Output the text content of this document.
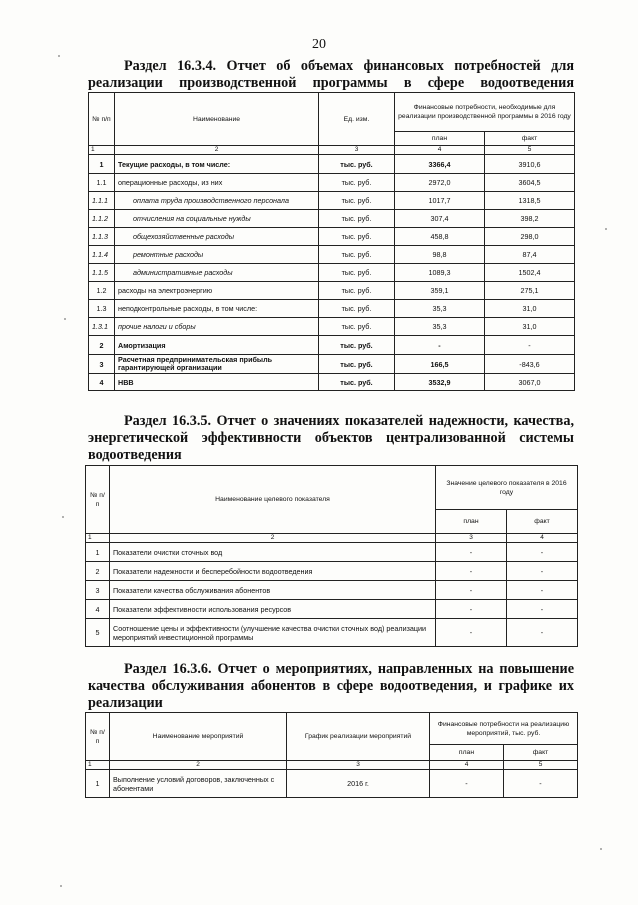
20
Раздел 16.3.4. Отчет об объемах финансовых потребностей для
реализации производственной программы в сфере водоотведения
№ п/п	Наименование	Ед. изм.	Финансовые потребности, необходимые для реализации производственной программы в 2016 году	
			план	факт
1	2	3	4	5
1	Текущие расходы, в том числе:	тыс. руб.	3366,4	3910,6
1.1	операционные расходы, из них	тыс. руб.	2972,0	3604,5
1.1.1	оплата труда производственного персонала	тыс. руб.	1017,7	1318,5
1.1.2	отчисления на социальные нужды	тыс. руб.	307,4	398,2
1.1.3	общехозяйственные расходы	тыс. руб.	458,8	298,0
1.1.4	ремонтные расходы	тыс. руб.	98,8	87,4
1.1.5	административные расходы	тыс. руб.	1089,3	1502,4
1.2	расходы на электроэнергию	тыс. руб.	359,1	275,1
1.3	неподконтрольные расходы, в том числе:	тыс. руб.	35,3	31,0
1.3.1	прочие налоги и сборы	тыс. руб.	35,3	31,0
2	Амортизация	тыс. руб.	-	-
3	Расчетная предпринимательская прибыль гарантирующей организации	тыс. руб.	166,5	-843,6
4	НВВ	тыс. руб.	3532,9	3067,0
Раздел 16.3.5. Отчет о значениях показателей надежности, качества,
энергетической эффективности объектов централизованной системы
водоотведения
№ п/п	Наименование целевого показателя	Значение целевого показателя в 2016 году	
		план	факт
1	2	3	4
1	Показатели очистки сточных вод	-	-
2	Показатели надежности и бесперебойности водоотведения	-	-
3	Показатели качества обслуживания абонентов	-	-
4	Показатели эффективности использования ресурсов	-	-
5	Соотношение цены и эффективности (улучшение качества очистки сточных вод) реализации мероприятий инвестиционной программы	-	-
Раздел 16.3.6. Отчет о мероприятиях, направленных на повышение
качества обслуживания абонентов в сфере водоотведения, и графике их
реализации
№ п/п	Наименование мероприятий	График реализации мероприятий	Финансовые потребности на реализацию мероприятий, тыс. руб.	
			план	факт
1	2	3	4	5
1	Выполнение условий договоров, заключенных с абонентами	2016 г.	-	-
